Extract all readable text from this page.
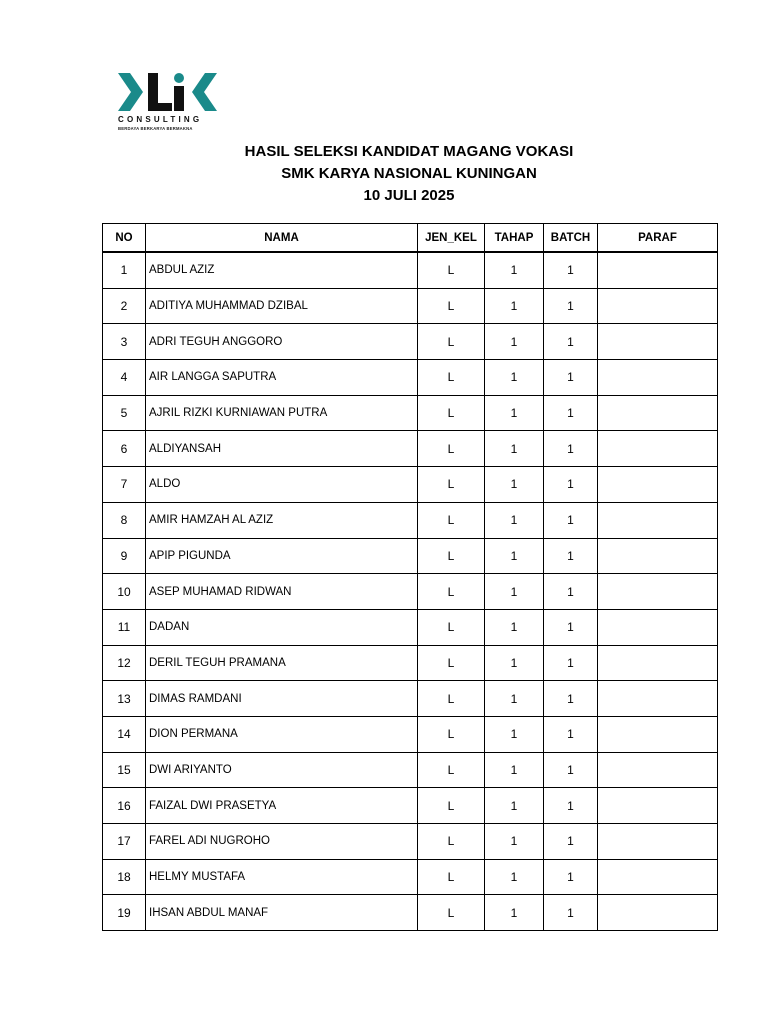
CONSULTING
BERDAYA BERKARYA BERMAKNA
HASIL SELEKSI KANDIDAT MAGANG VOKASI
SMK KARYA NASIONAL KUNINGAN
10 JULI 2025
NO	NAMA	JEN_KEL	TAHAP	BATCH	PARAF
1	ABDUL AZIZ	L	1	1	
2	ADITIYA MUHAMMAD DZIBAL	L	1	1	
3	ADRI TEGUH ANGGORO	L	1	1	
4	AIR LANGGA SAPUTRA	L	1	1	
5	AJRIL RIZKI KURNIAWAN PUTRA	L	1	1	
6	ALDIYANSAH	L	1	1	
7	ALDO	L	1	1	
8	AMIR HAMZAH AL AZIZ	L	1	1	
9	APIP PIGUNDA	L	1	1	
10	ASEP MUHAMAD RIDWAN	L	1	1	
11	DADAN	L	1	1	
12	DERIL TEGUH PRAMANA	L	1	1	
13	DIMAS RAMDANI	L	1	1	
14	DION PERMANA	L	1	1	
15	DWI ARIYANTO	L	1	1	
16	FAIZAL DWI PRASETYA	L	1	1	
17	FAREL ADI NUGROHO	L	1	1	
18	HELMY MUSTAFA	L	1	1	
19	IHSAN ABDUL MANAF	L	1	1	
